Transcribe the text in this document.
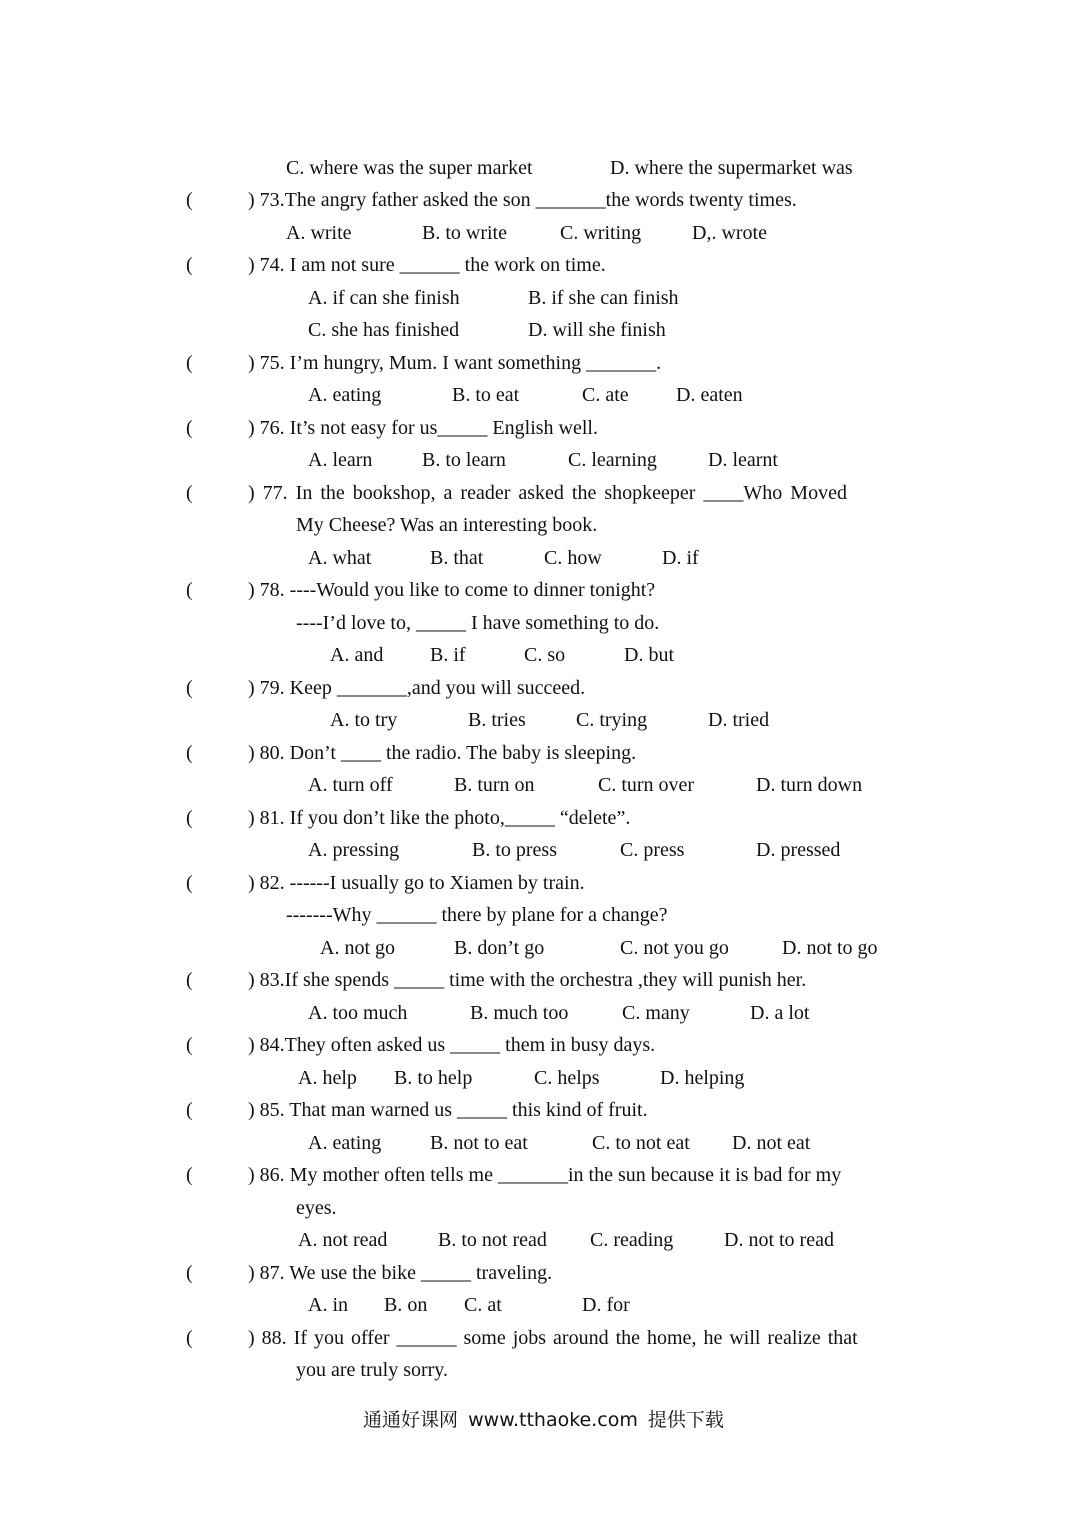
C. where was the super market	D. where the supermarket was
(	) 73.The angry father asked the son _______the words twenty times.
A. write	B. to write	C. writing	D,. wrote
(	) 74. I am not sure ______ the work on time.
A. if can she finish	B. if she can finish
C. she has finished	D. will she finish
(	) 75. I’m hungry, Mum. I want something _______.
A. eating	B. to eat	C. ate D. eaten
(	) 76. It’s not easy for us_____ English well.
A. learn B. to learn	C. learning	D. learnt
(	) 77. In the bookshop, a reader asked the shopkeeper ____Who Moved
My Cheese? Was an interesting book.
A. what	B. that	C. how	D. if
(	) 78. ----Would you like to come to dinner tonight?
----I’d love to, _____ I have something to do.
A. and B. if	C. so	D. but
(	) 79. Keep _______,and you will succeed.
A. to try	B. tries	C. trying	D. tried
(	) 80. Don’t ____ the radio. The baby is sleeping.
A. turn off	B. turn on	C. turn over	D. turn down
(	) 81. If you don’t like the photo,_____ “delete”.
A. pressing	B. to press	C. press	D. pressed
(	) 82. ------I usually go to Xiamen by train.
-------Why ______ there by plane for a change?
A. not go	B. don’t go	C. not you go	D. not to go
(	) 83.If she spends _____ time with the orchestra ,they will punish her.
A. too much	B. much too	C. many	D. a lot
(	) 84.They often asked us _____ them in busy days.
A. help B. to help	C. helps	D. helping
(	) 85. That man warned us _____ this kind of fruit.
A. eating B. not to eat	C. to not eat D. not eat
(	) 86. My mother often tells me _______in the sun because it is bad for my
eyes.
A. not read	B. to not read C. reading	D. not to read
(	) 87. We use the bike _____ traveling.
A. in B. on C. at	D. for
(	) 88. If you offer ______ some jobs around the home, he will realize that
you are truly sorry.
通通好课网 www.tthaoke.com 提供下载
